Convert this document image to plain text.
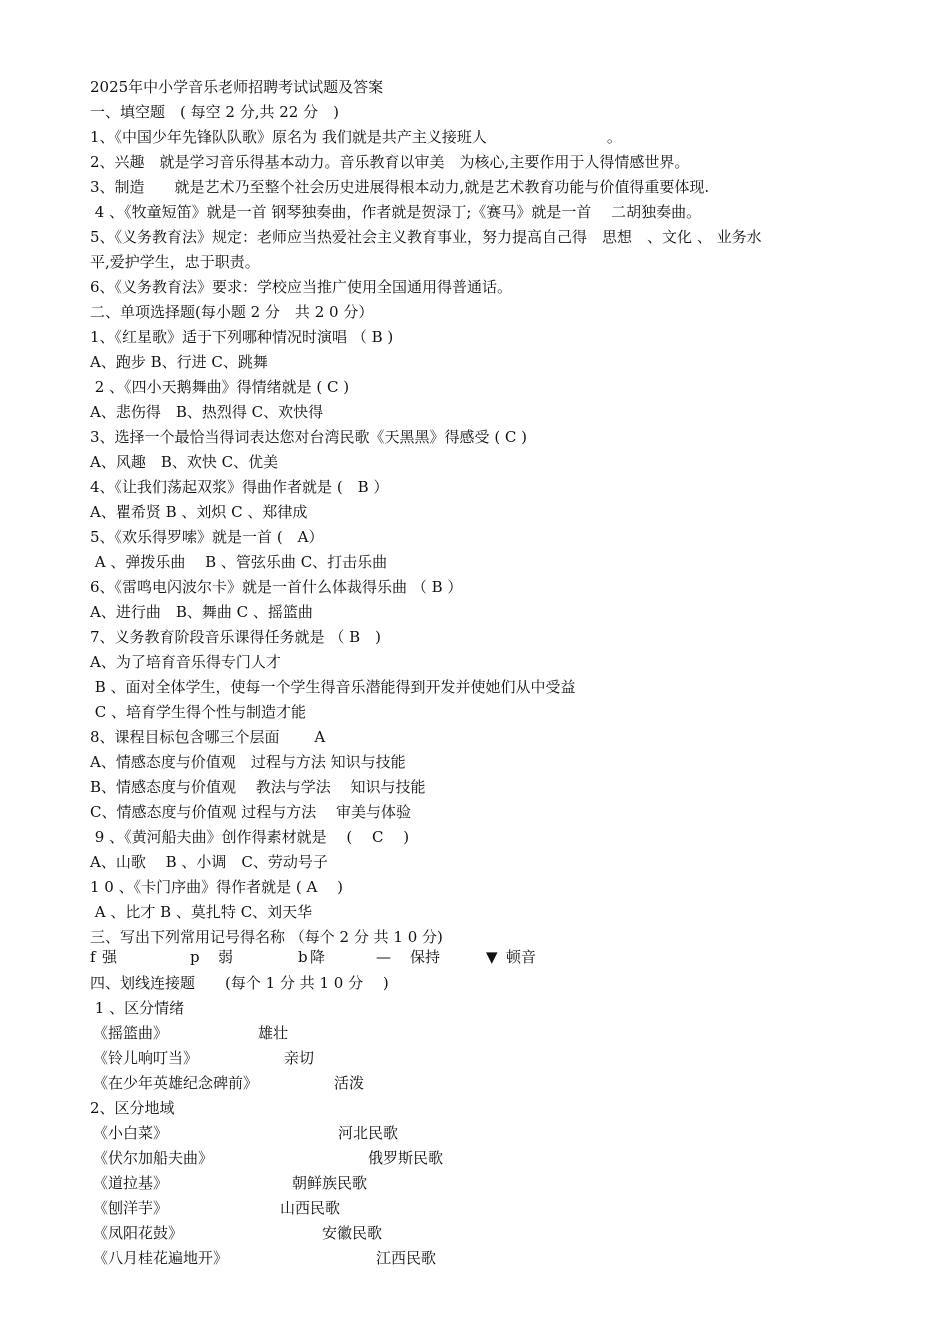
2025年中小学音乐老师招聘考试试题及答案
一、填空题　( 每空 2 分,共 22 分　)
1、《中国少年先锋队队歌》原名为 我们就是共产主义接班人　　　　　　　　。
2、兴趣　就是学习音乐得基本动力。音乐教育以审美　为核心,主要作用于人得情感世界。
3、制造　　就是艺术乃至整个社会历史进展得根本动力,就是艺术教育功能与价值得重要体现.
4 、《牧童短笛》就是一首 钢琴独奏曲，作者就是贺渌丁;《赛马》就是一首　 二胡独奏曲。
5、《义务教育法》规定：老师应当热爱社会主义教育事业，努力提高自己得　思想　、文化 、 业务水
平,爱护学生，忠于职责。
6、《义务教育法》要求：学校应当推广使用全国通用得普通话。
二、单项选择题(每小题 2 分　共 2 0 分）
1、《红星歌》适于下列哪种情况时演唱 （ B )
A、跑步 B、行进 C、跳舞
2 、《四小天鹅舞曲》得情绪就是 ( C )
A、悲伤得　B、热烈得 C、欢快得
3、选择一个最恰当得词表达您对台湾民歌《天黑黑》得感受 ( C )
A、风趣　B、欢快 C、优美
4、《让我们荡起双浆》得曲作者就是 (　B ）
A、瞿希贤 B 、刘炽 C 、郑律成
5、《欢乐得罗嗦》就是一首 (　A）
A 、弹拨乐曲　 B 、管弦乐曲 C、打击乐曲
6、《雷鸣电闪波尔卡》就是一首什么体裁得乐曲 （ B ）
A、进行曲　B、舞曲 C 、摇篮曲
7、义务教育阶段音乐课得任务就是 （ B　)
A、为了培育音乐得专门人才
B 、面对全体学生，使每一个学生得音乐潜能得到开发并使她们从中受益
C 、培育学生得个性与制造才能
8、课程目标包含哪三个层面　　 A
A、情感态度与价值观　过程与方法 知识与技能
B、情感态度与价值观　 教法与学法　 知识与技能
C、情感态度与价值观 过程与方法　 审美与体验
9 、《黄河船夫曲》创作得素材就是　 (　 C　 )
A、山歌　 B 、小调　C、劳动号子
1 0 、《卡门序曲》得作者就是 ( A　 )
A 、比才 B 、莫扎特 C、刘天华
三、写出下列常用记号得名称 （每个 2 分 共 1 0 分)
f 强	p 弱	b 降	— 保持	▼ 顿音
四、划线连接题　　(每个 1 分 共 1 0 分　 )
1 、区分情绪
《摇篮曲》	雄壮
《铃儿响叮当》	亲切
《在少年英雄纪念碑前》	活泼
2、区分地域
《小白菜》	河北民歌
《伏尔加船夫曲》	俄罗斯民歌
《道拉基》	朝鲜族民歌
《刨洋芋》	山西民歌
《凤阳花鼓》	安徽民歌
《八月桂花遍地开》	江西民歌
